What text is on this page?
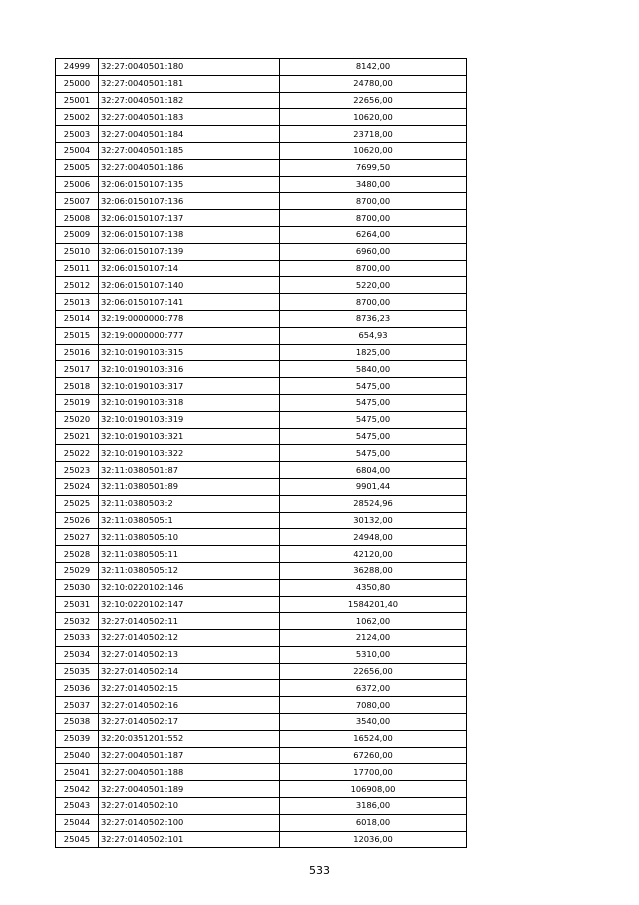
24999	32:27:0040501:180	8142,00
25000	32:27:0040501:181	24780,00
25001	32:27:0040501:182	22656,00
25002	32:27:0040501:183	10620,00
25003	32:27:0040501:184	23718,00
25004	32:27:0040501:185	10620,00
25005	32:27:0040501:186	7699,50
25006	32:06:0150107:135	3480,00
25007	32:06:0150107:136	8700,00
25008	32:06:0150107:137	8700,00
25009	32:06:0150107:138	6264,00
25010	32:06:0150107:139	6960,00
25011	32:06:0150107:14	8700,00
25012	32:06:0150107:140	5220,00
25013	32:06:0150107:141	8700,00
25014	32:19:0000000:778	8736,23
25015	32:19:0000000:777	654,93
25016	32:10:0190103:315	1825,00
25017	32:10:0190103:316	5840,00
25018	32:10:0190103:317	5475,00
25019	32:10:0190103:318	5475,00
25020	32:10:0190103:319	5475,00
25021	32:10:0190103:321	5475,00
25022	32:10:0190103:322	5475,00
25023	32:11:0380501:87	6804,00
25024	32:11:0380501:89	9901,44
25025	32:11:0380503:2	28524,96
25026	32:11:0380505:1	30132,00
25027	32:11:0380505:10	24948,00
25028	32:11:0380505:11	42120,00
25029	32:11:0380505:12	36288,00
25030	32:10:0220102:146	4350,80
25031	32:10:0220102:147	1584201,40
25032	32:27:0140502:11	1062,00
25033	32:27:0140502:12	2124,00
25034	32:27:0140502:13	5310,00
25035	32:27:0140502:14	22656,00
25036	32:27:0140502:15	6372,00
25037	32:27:0140502:16	7080,00
25038	32:27:0140502:17	3540,00
25039	32:20:0351201:552	16524,00
25040	32:27:0040501:187	67260,00
25041	32:27:0040501:188	17700,00
25042	32:27:0040501:189	106908,00
25043	32:27:0140502:10	3186,00
25044	32:27:0140502:100	6018,00
25045	32:27:0140502:101	12036,00
533
